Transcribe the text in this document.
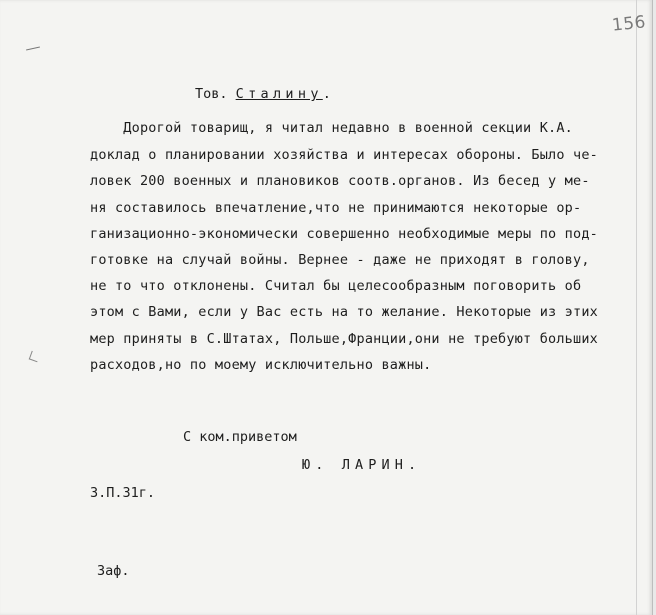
156
Тов. Сталину.
Дорогой товарищ, я читал недавно в военной секции К.А.
доклад о планировании хозяйства и интересах обороны. Было че-
ловек 200 военных и плановиков соотв.органов. Из бесед у ме-
ня составилось впечатление,что не принимаются некоторые ор-
ганизационно-экономически совершенно необходимые меры по под-
готовке на случай войны. Вернее - даже не приходят в голову,
не то что отклонены. Считал бы целесообразным поговорить об
этом с Вами, если у Вас есть на то желание. Некоторые из этих
мер приняты в С.Штатах, Польше,Франции,они не требуют больших
расходов,но по моему исключительно важны.
С ком.приветом
Ю. ЛАРИН.
3.П.31г.
Заф.
